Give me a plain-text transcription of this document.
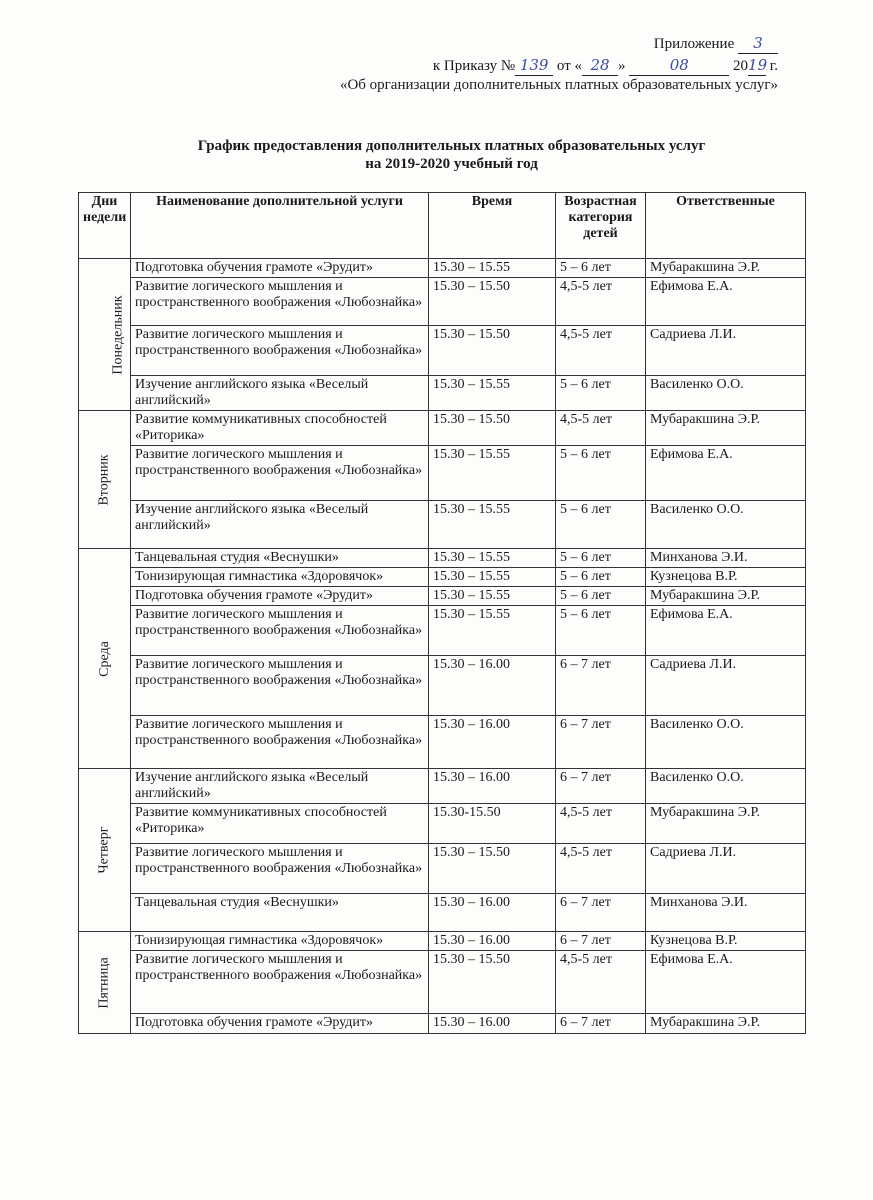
Приложение 3
к Приказу № 139 от « 28 »	08	2019 г.
«Об организации дополнительных платных образовательных услуг»
График предоставления дополнительных платных образовательных услуг
на 2019-2020 учебный год
Дни недели	Наименование дополнительной услуги	Время	Возрастная категория детей	Ответственные
Понедельник	Подготовка обучения грамоте «Эрудит»	15.30 – 15.55	5 – 6 лет	Мубаракшина Э.Р.
	Развитие логического мышления и пространственного воображения «Любознайка»	15.30 – 15.50	4,5-5 лет	Ефимова Е.А.
	Развитие логического мышления и пространственного воображения «Любознайка»	15.30 – 15.50	4,5-5 лет	Садриева Л.И.
	Изучение английского языка «Веселый английский»	15.30 – 15.55	5 – 6 лет	Василенко О.О.
Вторник	Развитие коммуникативных способностей «Риторика»	15.30 – 15.50	4,5-5 лет	Мубаракшина Э.Р.
	Развитие логического мышления и пространственного воображения «Любознайка»	15.30 – 15.55	5 – 6 лет	Ефимова Е.А.
	Изучение английского языка «Веселый английский»	15.30 – 15.55	5 – 6 лет	Василенко О.О.
Среда	Танцевальная студия «Веснушки»	15.30 – 15.55	5 – 6 лет	Минханова Э.И.
	Тонизирующая гимнастика «Здоровячок»	15.30 – 15.55	5 – 6 лет	Кузнецова В.Р.
	Подготовка обучения грамоте «Эрудит»	15.30 – 15.55	5 – 6 лет	Мубаракшина Э.Р.
	Развитие логического мышления и пространственного воображения «Любознайка»	15.30 – 15.55	5 – 6 лет	Ефимова Е.А.
	Развитие логического мышления и пространственного воображения «Любознайка»	15.30 – 16.00	6 – 7 лет	Садриева Л.И.
	Развитие логического мышления и пространственного воображения «Любознайка»	15.30 – 16.00	6 – 7 лет	Василенко О.О.
Четверг	Изучение английского языка «Веселый английский»	15.30 – 16.00	6 – 7 лет	Василенко О.О.
	Развитие коммуникативных способностей «Риторика»	15.30-15.50	4,5-5 лет	Мубаракшина Э.Р.
	Развитие логического мышления и пространственного воображения «Любознайка»	15.30 – 15.50	4,5-5 лет	Садриева Л.И.
	Танцевальная студия «Веснушки»	15.30 – 16.00	6 – 7 лет	Минханова Э.И.
Пятница	Тонизирующая гимнастика «Здоровячок»	15.30 – 16.00	6 – 7 лет	Кузнецова В.Р.
	Развитие логического мышления и пространственного воображения «Любознайка»	15.30 – 15.50	4,5-5 лет	Ефимова Е.А.
	Подготовка обучения грамоте «Эрудит»	15.30 – 16.00	6 – 7 лет	Мубаракшина Э.Р.
